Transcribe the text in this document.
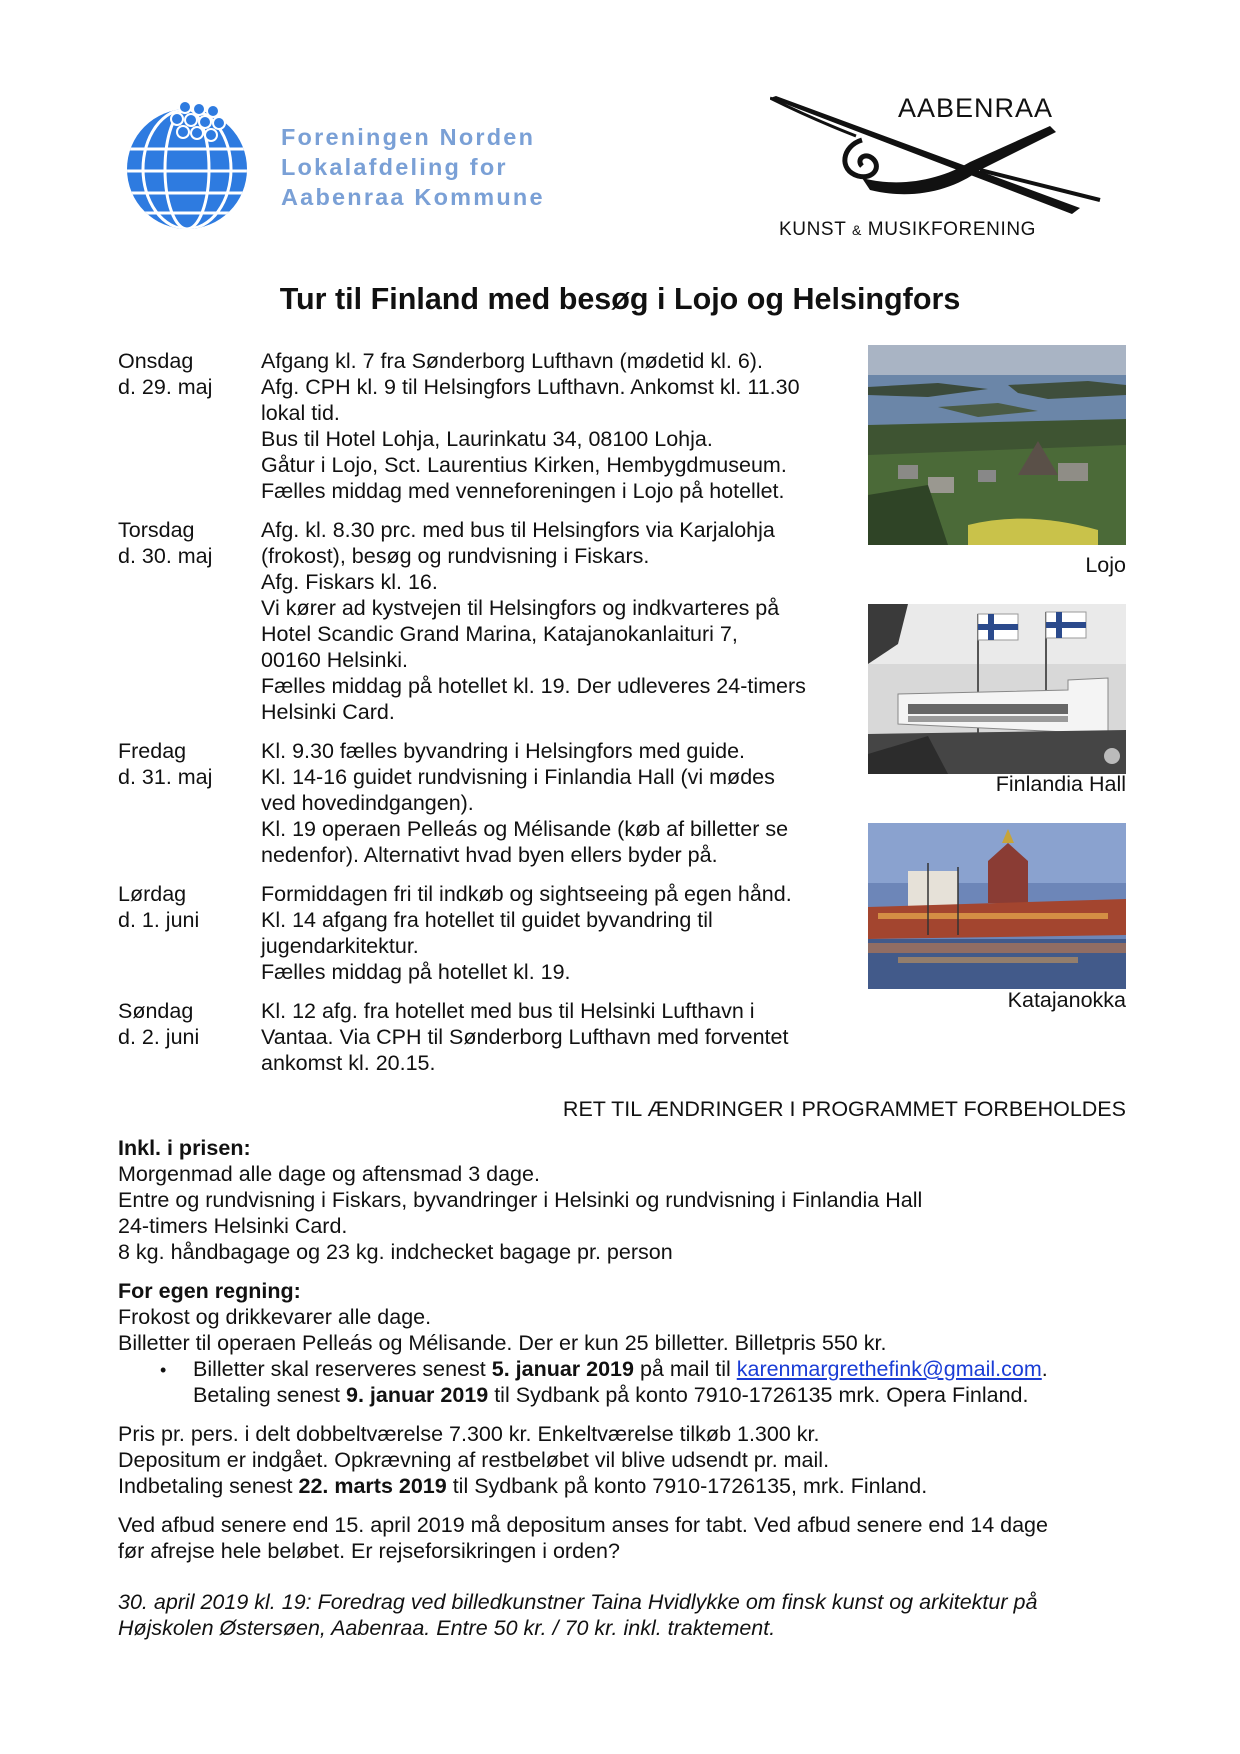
Foreningen Norden
Lokalafdeling for
Aabenraa Kommune
AABENRAA
KUNST & MUSIKFORENING
Tur til Finland med besøg i Lojo og Helsingfors
Onsdag
d. 29. maj
Afgang kl. 7 fra Sønderborg Lufthavn (mødetid kl. 6).
Afg. CPH kl. 9 til Helsingfors Lufthavn. Ankomst kl. 11.30
lokal tid.
Bus til Hotel Lohja, Laurinkatu 34, 08100 Lohja.
Gåtur i Lojo, Sct. Laurentius Kirken, Hembygdmuseum.
Fælles middag med venneforeningen i Lojo på hotellet.
Torsdag
d. 30. maj
Afg. kl. 8.30 prc. med bus til Helsingfors via Karjalohja
(frokost), besøg og rundvisning i Fiskars.
Afg. Fiskars kl. 16.
Vi kører ad kystvejen til Helsingfors og indkvarteres på
Hotel Scandic Grand Marina, Katajanokanlaituri 7,
00160 Helsinki.
Fælles middag på hotellet kl. 19. Der udleveres 24-timers
Helsinki Card.
Fredag
d. 31. maj
Kl. 9.30 fælles byvandring i Helsingfors med guide.
Kl. 14-16 guidet rundvisning i Finlandia Hall (vi mødes
ved hovedindgangen).
Kl. 19 operaen Pelleás og Mélisande (køb af billetter se
nedenfor). Alternativt hvad byen ellers byder på.
Lørdag
d. 1. juni
Formiddagen fri til indkøb og sightseeing på egen hånd.
Kl. 14 afgang fra hotellet til guidet byvandring til
jugendarkitektur.
Fælles middag på hotellet kl. 19.
Søndag
d. 2. juni
Kl. 12 afg. fra hotellet med bus til Helsinki Lufthavn i
Vantaa. Via CPH til Sønderborg Lufthavn med forventet
ankomst kl. 20.15.
Lojo
Finlandia Hall
Katajanokka
RET TIL ÆNDRINGER I PROGRAMMET FORBEHOLDES
Inkl. i prisen:
Morgenmad alle dage og aftensmad 3 dage.
Entre og rundvisning i Fiskars, byvandringer i Helsinki og rundvisning i Finlandia Hall
24-timers Helsinki Card.
8 kg. håndbagage og 23 kg. indchecket bagage pr. person
For egen regning:
Frokost og drikkevarer alle dage.
Billetter til operaen Pelleás og Mélisande. Der er kun 25 billetter. Billetpris 550 kr.
• Billetter skal reserveres senest 5. januar 2019 på mail til karenmargrethefink@gmail.com.
Betaling senest 9. januar 2019 til Sydbank på konto 7910-1726135 mrk. Opera Finland.
Pris pr. pers. i delt dobbeltværelse 7.300 kr. Enkeltværelse tilkøb 1.300 kr.
Depositum er indgået. Opkrævning af restbeløbet vil blive udsendt pr. mail.
Indbetaling senest 22. marts 2019 til Sydbank på konto 7910-1726135, mrk. Finland.
Ved afbud senere end 15. april 2019 må depositum anses for tabt. Ved afbud senere end 14 dage
før afrejse hele beløbet. Er rejseforsikringen i orden?
30. april 2019 kl. 19: Foredrag ved billedkunstner Taina Hvidlykke om finsk kunst og arkitektur på
Højskolen Østersøen, Aabenraa. Entre 50 kr. / 70 kr. inkl. traktement.
